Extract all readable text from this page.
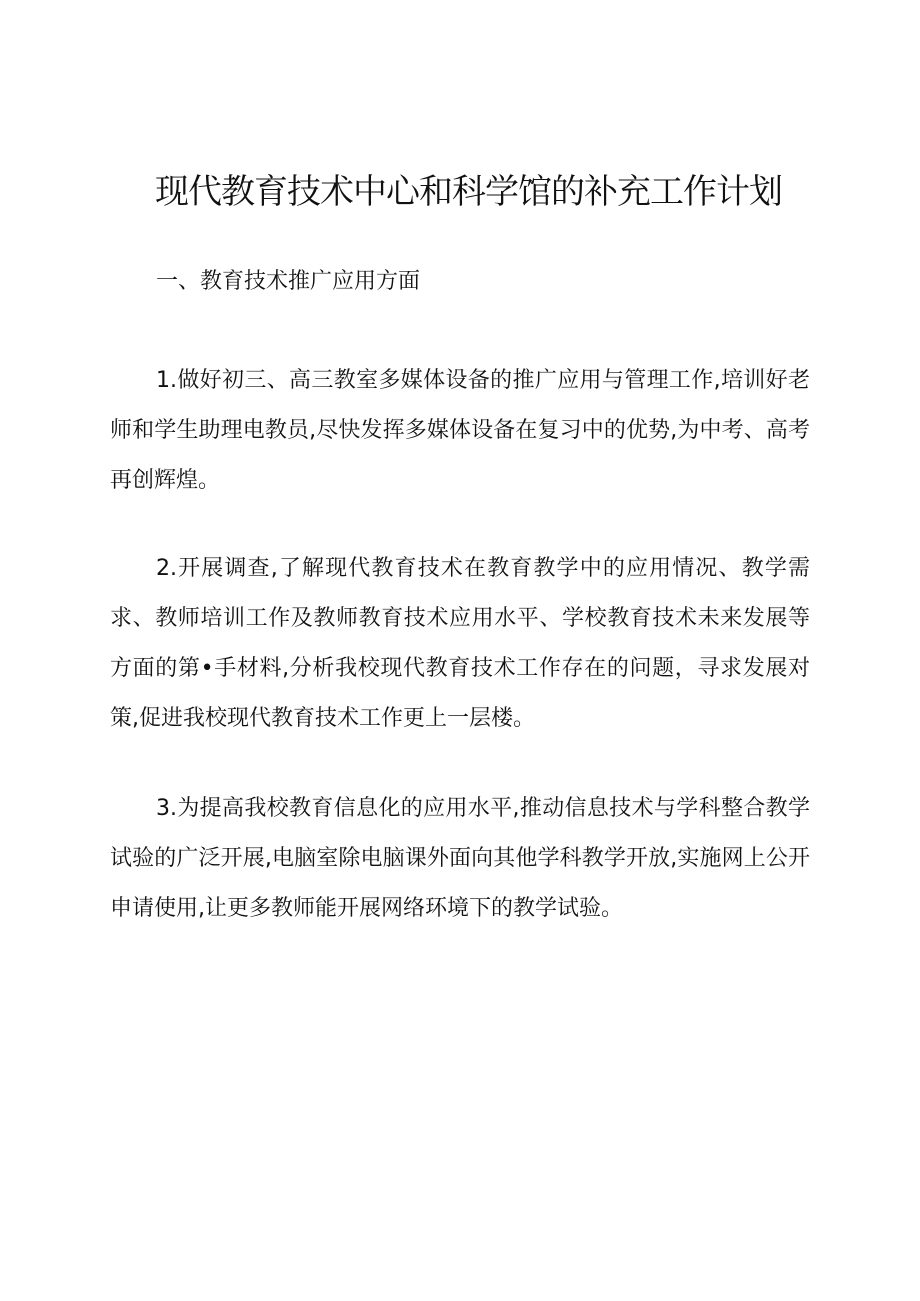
现代教育技术中心和科学馆的补充工作计划

一、教育技术推广应用方面

1.做好初三、高三教室多媒体设备的推广应用与管理工作,培训好老师和学生助理电教员,尽快发挥多媒体设备在复习中的优势,为中考、高考再创辉煌。

2.开展调查,了解现代教育技术在教育教学中的应用情况、教学需求、教师培训工作及教师教育技术应用水平、学校教育技术未来发展等方面的第•手材料,分析我校现代教育技术工作存在的问题，寻求发展对策,促进我校现代教育技术工作更上一层楼。

3.为提高我校教育信息化的应用水平,推动信息技术与学科整合教学试验的广泛开展,电脑室除电脑课外面向其他学科教学开放,实施网上公开申请使用,让更多教师能开展网络环境下的教学试验。
